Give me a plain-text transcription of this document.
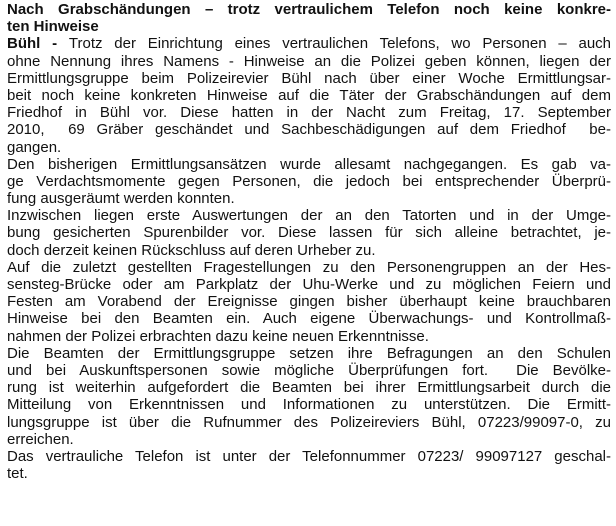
Nach Grabschändungen – trotz vertraulichem Telefon noch keine konkre-
ten Hinweise
Bühl - Trotz der Einrichtung eines vertraulichen Telefons, wo Personen – auch
ohne Nennung ihres Namens - Hinweise an die Polizei geben können, liegen der
Ermittlungsgruppe beim Polizeirevier Bühl nach über einer Woche Ermittlungsar-
beit noch keine konkreten Hinweise auf die Täter der Grabschändungen auf dem
Friedhof in Bühl vor. Diese hatten in der Nacht zum Freitag, 17. September
2010,  69 Gräber geschändet und Sachbeschädigungen auf dem Friedhof  be-
gangen.
Den bisherigen Ermittlungsansätzen wurde allesamt nachgegangen. Es gab va-
ge Verdachtsmomente gegen Personen, die jedoch bei entsprechender Überprü-
fung ausgeräumt werden konnten.
Inzwischen liegen erste Auswertungen der an den Tatorten und in der Umge-
bung gesicherten Spurenbilder vor. Diese lassen für sich alleine betrachtet, je-
doch derzeit keinen Rückschluss auf deren Urheber zu.
Auf die zuletzt gestellten Fragestellungen zu den Personengruppen an der Hes-
sensteg-Brücke oder am Parkplatz der Uhu-Werke und zu möglichen Feiern und
Festen am Vorabend der Ereignisse gingen bisher überhaupt keine brauchbaren
Hinweise bei den Beamten ein. Auch eigene Überwachungs- und Kontrollmaß-
nahmen der Polizei erbrachten dazu keine neuen Erkenntnisse.
Die Beamten der Ermittlungsgruppe setzen ihre Befragungen an den Schulen
und bei Auskunftspersonen sowie mögliche Überprüfungen fort.  Die Bevölke-
rung ist weiterhin aufgefordert die Beamten bei ihrer Ermittlungsarbeit durch die
Mitteilung von Erkenntnissen und Informationen zu unterstützen. Die Ermitt-
lungsgruppe ist über die Rufnummer des Polizeireviers Bühl, 07223/99097-0, zu
erreichen.
Das vertrauliche Telefon ist unter der Telefonnummer 07223/ 99097127 geschal-
tet.
